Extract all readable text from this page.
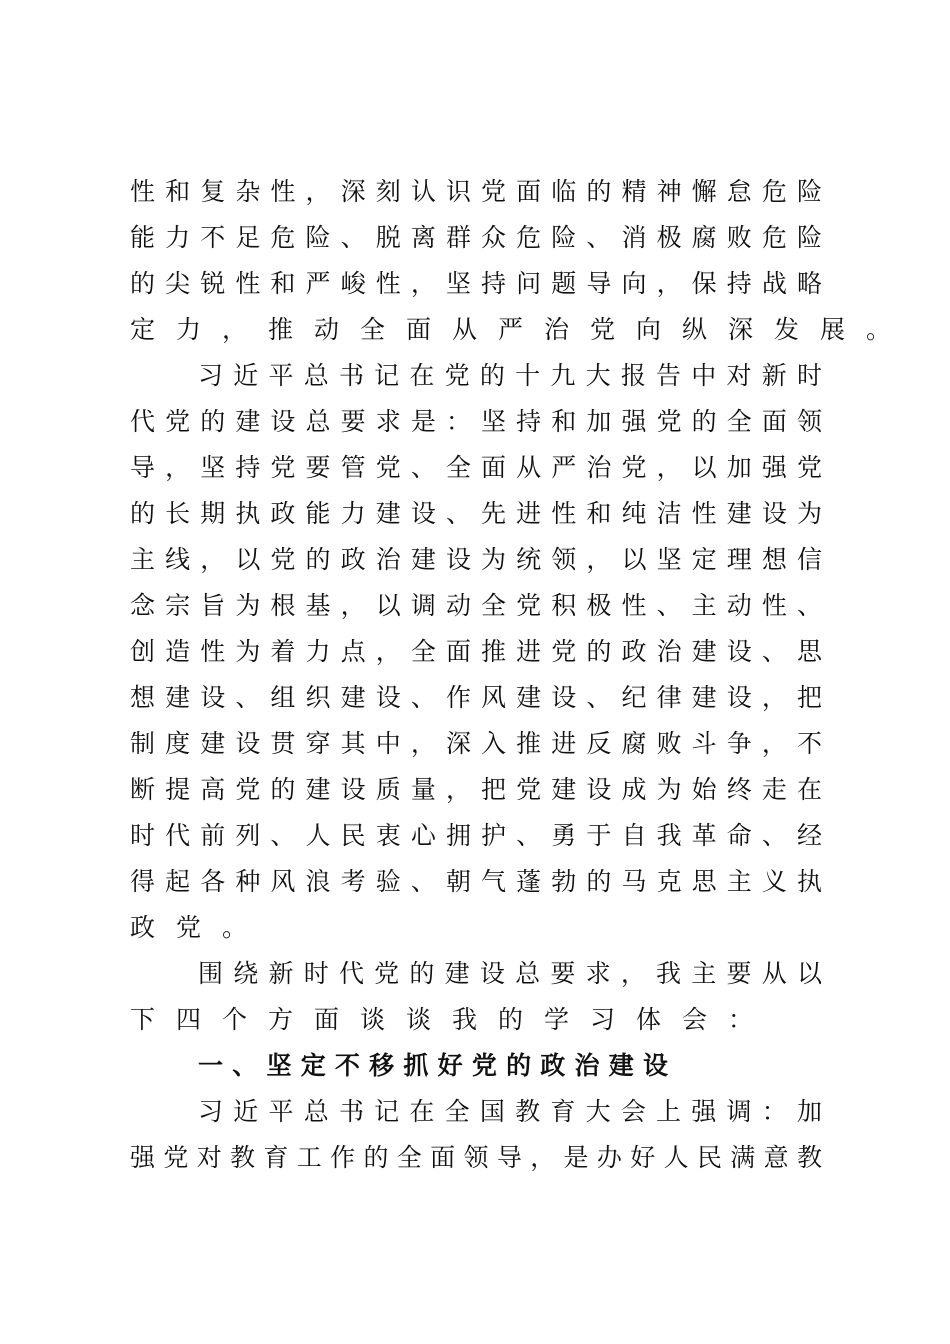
性和复杂性，深刻认识党面临的精神懈怠危险
能力不足危险、脱离群众危险、消极腐败危险
的尖锐性和严峻性，坚持问题导向，保持战略
定力，推动全面从严治党向纵深发展。
习近平总书记在党的十九大报告中对新时
代党的建设总要求是：坚持和加强党的全面领
导，坚持党要管党、全面从严治党，以加强党
的长期执政能力建设、先进性和纯洁性建设为
主线，以党的政治建设为统领，以坚定理想信
念宗旨为根基，以调动全党积极性、主动性、
创造性为着力点，全面推进党的政治建设、思
想建设、组织建设、作风建设、纪律建设，把
制度建设贯穿其中，深入推进反腐败斗争，不
断提高党的建设质量，把党建设成为始终走在
时代前列、人民衷心拥护、勇于自我革命、经
得起各种风浪考验、朝气蓬勃的马克思主义执
政党。
围绕新时代党的建设总要求，我主要从以
下四个方面谈谈我的学习体会：
一、坚定不移抓好党的政治建设
习近平总书记在全国教育大会上强调：加
强党对教育工作的全面领导，是办好人民满意教
